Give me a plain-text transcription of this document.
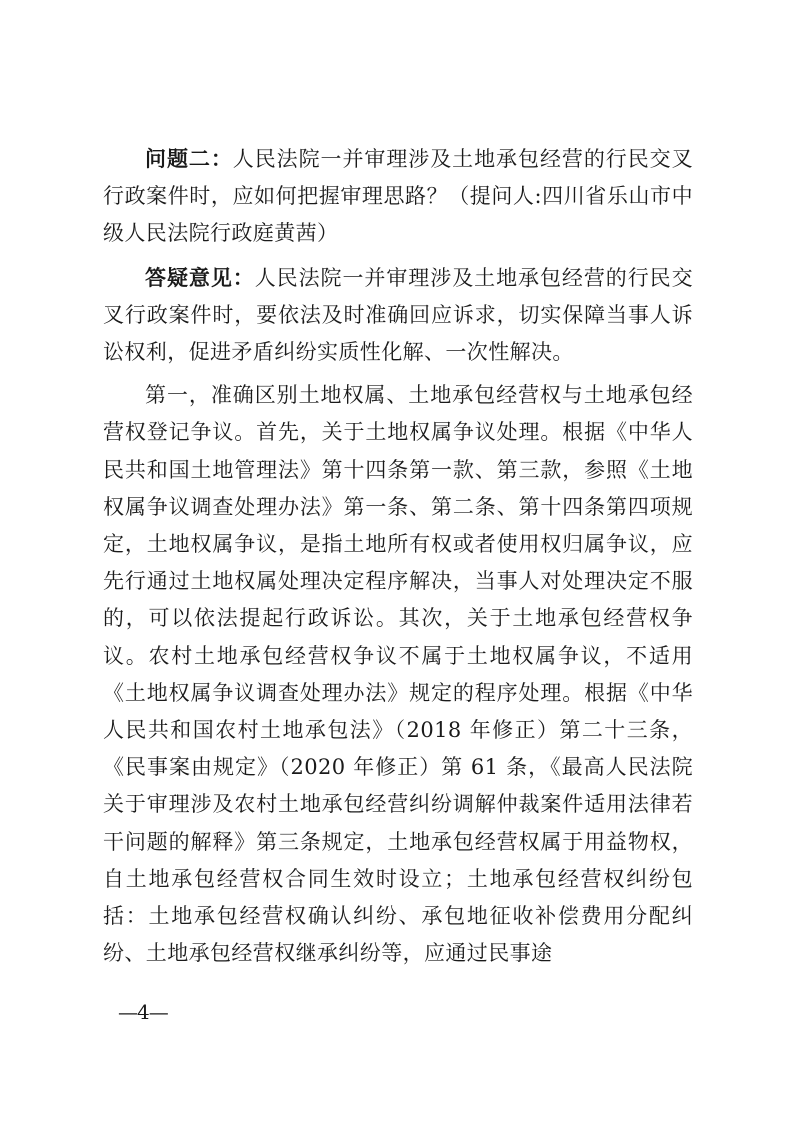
问题二：人民法院一并审理涉及土地承包经营的行民交叉行政案件时，应如何把握审理思路？（提问人:四川省乐山市中级人民法院行政庭黄茜）

答疑意见：人民法院一并审理涉及土地承包经营的行民交叉行政案件时，要依法及时准确回应诉求，切实保障当事人诉讼权利，促进矛盾纠纷实质性化解、一次性解决。

第一，准确区别土地权属、土地承包经营权与土地承包经营权登记争议。首先，关于土地权属争议处理。根据《中华人民共和国土地管理法》第十四条第一款、第三款，参照《土地权属争议调查处理办法》第一条、第二条、第十四条第四项规定，土地权属争议，是指土地所有权或者使用权归属争议，应先行通过土地权属处理决定程序解决，当事人对处理决定不服的，可以依法提起行政诉讼。其次，关于土地承包经营权争议。农村土地承包经营权争议不属于土地权属争议，不适用《土地权属争议调查处理办法》规定的程序处理。根据《中华人民共和国农村土地承包法》（2018 年修正）第二十三条，《民事案由规定》（2020 年修正）第 61 条，《最高人民法院关于审理涉及农村土地承包经营纠纷调解仲裁案件适用法律若干问题的解释》第三条规定，土地承包经营权属于用益物权，自土地承包经营权合同生效时设立；土地承包经营权纠纷包括：土地承包经营权确认纠纷、承包地征收补偿费用分配纠纷、土地承包经营权继承纠纷等，应通过民事途

—4—
